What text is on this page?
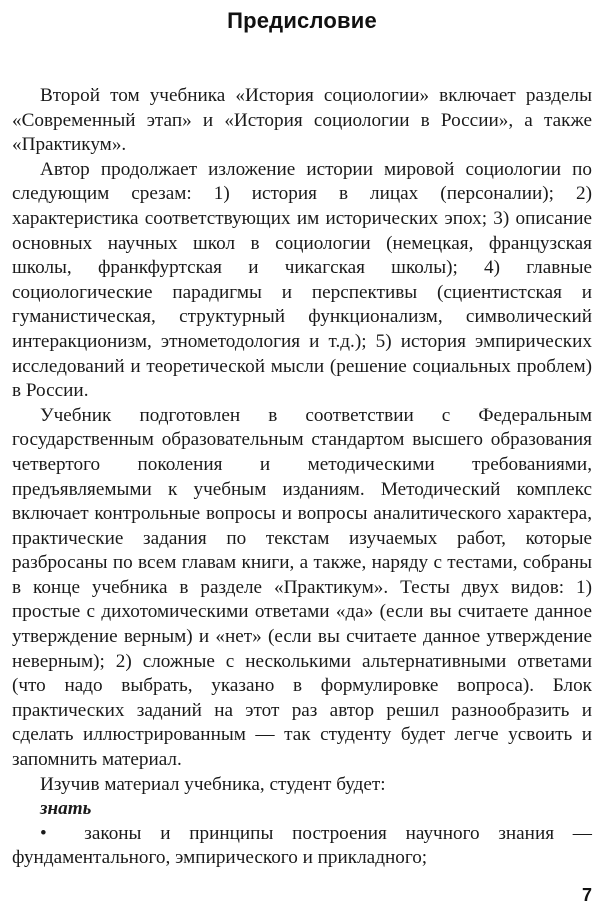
Предисловие

Второй том учебника «История социологии» включает разделы «Современный этап» и «История социологии в России», а также «Практикум».

Автор продолжает изложение истории мировой социологии по следующим срезам: 1) история в лицах (персоналии); 2) характеристика соответствующих им исторических эпох; 3) описание основных научных школ в социологии (немецкая, французская школы, франкфуртская и чикагская школы); 4) главные социологические парадигмы и перспективы (сциентистская и гуманистическая, структурный функционализм, символический интеракционизм, этнометодология и т.д.); 5) история эмпирических исследований и теоретической мысли (решение социальных проблем) в России.

Учебник подготовлен в соответствии с Федеральным государственным образовательным стандартом высшего образования четвертого поколения и методическими требованиями, предъявляемыми к учебным изданиям. Методический комплекс включает контрольные вопросы и вопросы аналитического характера, практические задания по текстам изучаемых работ, которые разбросаны по всем главам книги, а также, наряду с тестами, собраны в конце учебника в разделе «Практикум». Тесты двух видов: 1) простые с дихотомическими ответами «да» (если вы считаете данное утверждение верным) и «нет» (если вы считаете данное утверждение неверным); 2) сложные с несколькими альтернативными ответами (что надо выбрать, указано в формулировке вопроса). Блок практических заданий на этот раз автор решил разнообразить и сделать иллюстрированным — так студенту будет легче усвоить и запомнить материал.

Изучив материал учебника, студент будет:

знать

• законы и принципы построения научного знания — фундаментального, эмпирического и прикладного;

7
